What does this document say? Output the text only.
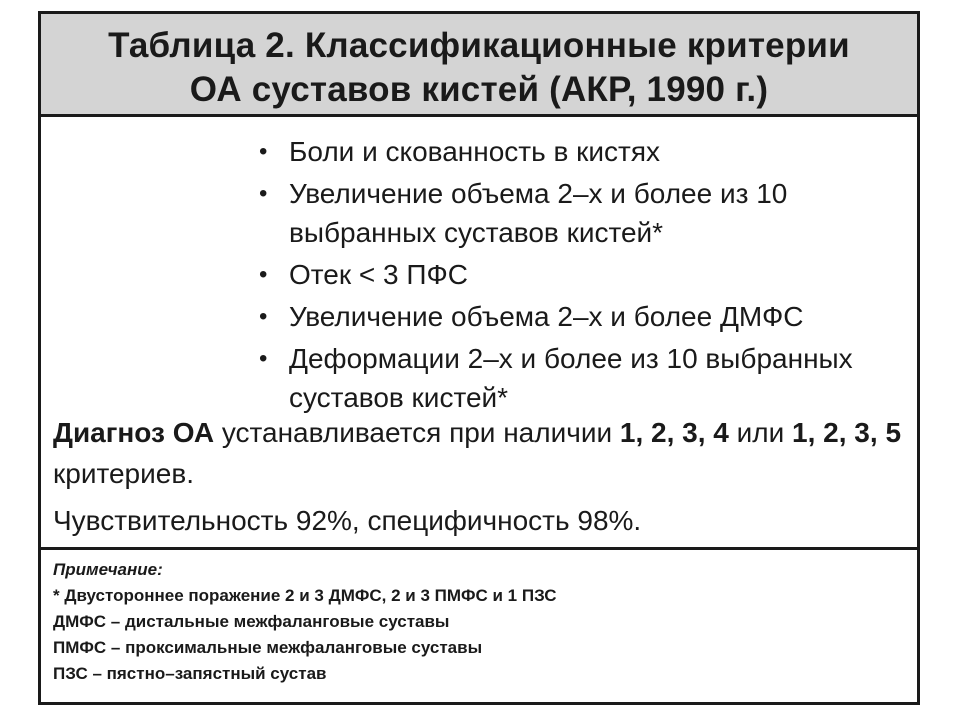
Таблица 2. Классификационные критерии
ОА суставов кистей (АКР, 1990 г.)
• Боли и скованность в кистях
• Увеличение объема 2–х и более из 10 выбранных суставов кистей*
• Отек < 3 ПФС
• Увеличение объема 2–х и более ДМФС
• Деформации 2–х и более из 10 выбранных суставов кистей*
Диагноз ОА устанавливается при наличии 1, 2, 3, 4 или 1, 2, 3, 5 критериев.
Чувствительность 92%, специфичность 98%.
Примечание:
* Двустороннее поражение 2 и 3 ДМФС, 2 и 3 ПМФС и 1 ПЗС
ДМФС – дистальные межфаланговые суставы
ПМФС – проксимальные межфаланговые суставы
ПЗС – пястно–запястный сустав
